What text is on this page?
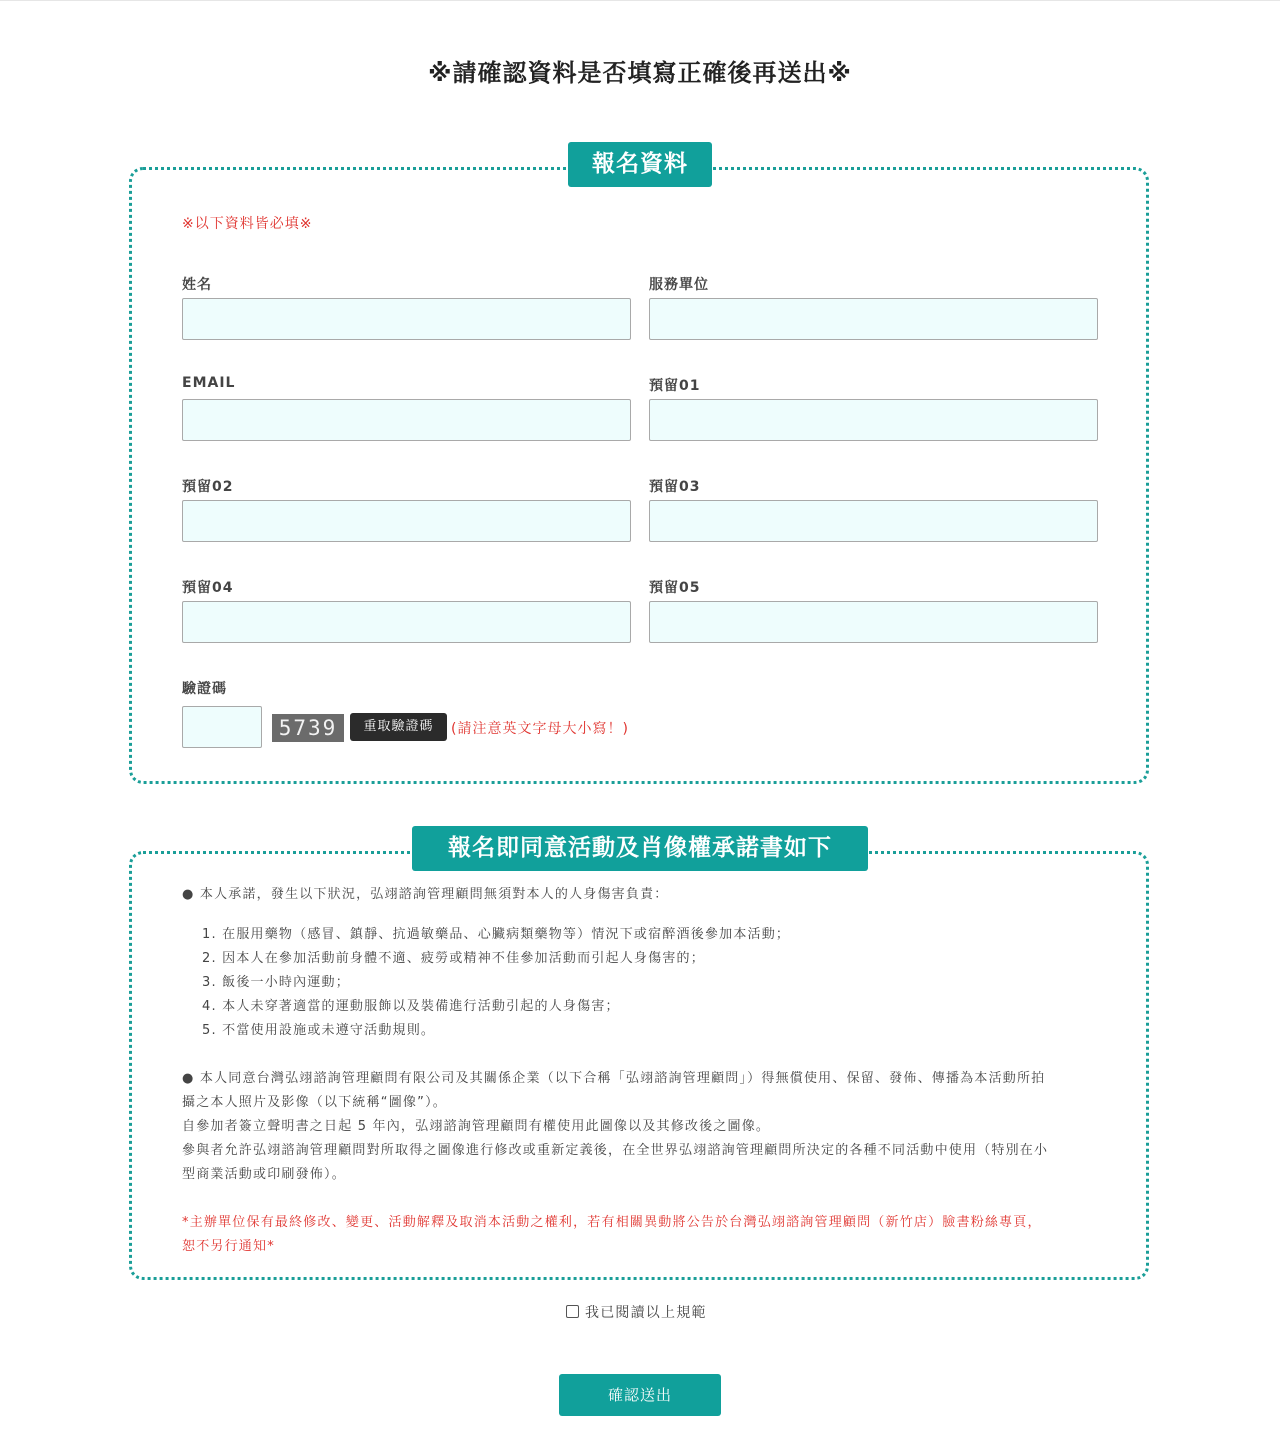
※請確認資料是否填寫正確後再送出※
報名資料
※以下資料皆必填※
姓名	服務單位
EMAIL	預留01
預留02	預留03
預留04	預留05
驗證碼
5739	重取驗證碼	(請注意英文字母大小寫！)
報名即同意活動及肖像權承諾書如下
● 本人承諾，發生以下狀況，弘翊諮詢管理顧問無須對本人的人身傷害負責：
1. 在服用藥物（感冒、鎮靜、抗過敏藥品、心臟病類藥物等）情況下或宿醉酒後參加本活動；
2. 因本人在參加活動前身體不適、疲勞或精神不佳參加活動而引起人身傷害的；
3. 飯後一小時內運動；
4. 本人未穿著適當的運動服飾以及裝備進行活動引起的人身傷害；
5. 不當使用設施或未遵守活動規則。
● 本人同意台灣弘翊諮詢管理顧問有限公司及其關係企業（以下合稱「弘翊諮詢管理顧問」）得無償使用、保留、發佈、傳播為本活動所拍
攝之本人照片及影像（以下統稱“圖像”）。
自參加者簽立聲明書之日起 5 年內，弘翊諮詢管理顧問有權使用此圖像以及其修改後之圖像。
參與者允許弘翊諮詢管理顧問對所取得之圖像進行修改或重新定義後，在全世界弘翊諮詢管理顧問所決定的各種不同活動中使用（特別在小
型商業活動或印刷發佈）。
*主辦單位保有最終修改、變更、活動解釋及取消本活動之權利，若有相關異動將公告於台灣弘翊諮詢管理顧問（新竹店）臉書粉絲專頁，
恕不另行通知*
我已閱讀以上規範
確認送出
